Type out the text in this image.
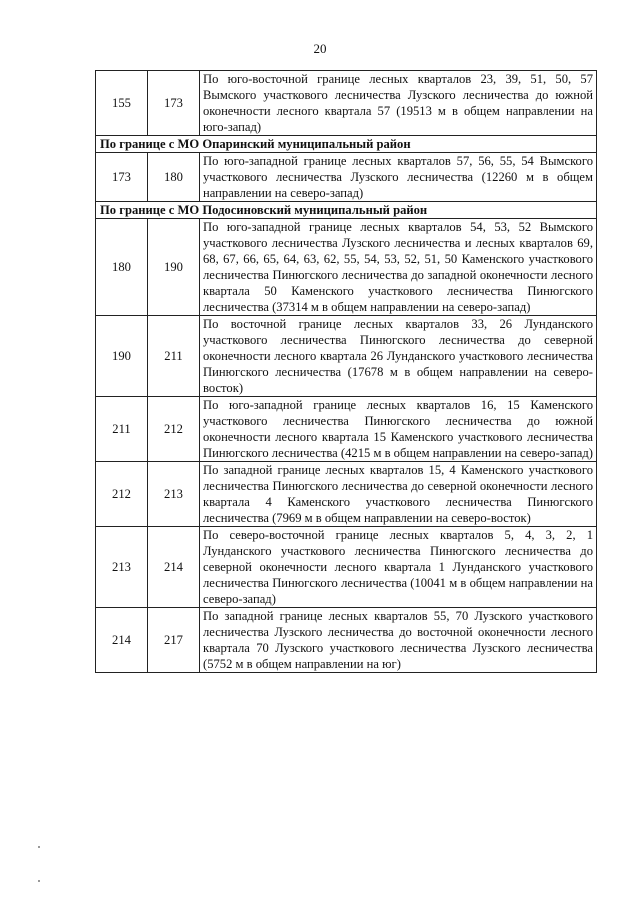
20
155	173	По юго-восточной границе лесных кварталов 23, 39, 51, 50, 57 Вымского участкового лесничества Лузского лесничества до южной оконечности лесного квартала 57 (19513 м в общем направлении на юго-запад)
По границе с МО Опаринский муниципальный район		
173	180	По юго-западной границе лесных кварталов 57, 56, 55, 54 Вымского участкового лесничества Лузского лесничества (12260 м в общем направлении на северо-запад)
По границе с МО Подосиновский муниципальный район		
180	190	По юго-западной границе лесных кварталов 54, 53, 52 Вымского участкового лесничества Лузского лесничества и лесных кварталов 69, 68, 67, 66, 65, 64, 63, 62, 55, 54, 53, 52, 51, 50 Каменского участкового лесничества Пинюгского лесничества до западной оконечности лесного квартала 50 Каменского участкового лесничества Пинюгского лесничества (37314 м в общем направлении на северо-запад)
190	211	По восточной границе лесных кварталов 33, 26 Лунданского участкового лесничества Пинюгского лесничества до северной оконечности лесного квартала 26 Лунданского участкового лесничества Пинюгского лесничества (17678 м в общем направлении на северо-восток)
211	212	По юго-западной границе лесных кварталов 16, 15 Каменского участкового лесничества Пинюгского лесничества до южной оконечности лесного квартала 15 Каменского участкового лесничества Пинюгского лесничества (4215 м в общем направлении на северо-запад)
212	213	По западной границе лесных кварталов 15, 4 Каменского участкового лесничества Пинюгского лесничества до северной оконечности лесного квартала 4 Каменского участкового лесничества Пинюгского лесничества (7969 м в общем направлении на северо-восток)
213	214	По северо-восточной границе лесных кварталов 5, 4, 3, 2, 1 Лунданского участкового лесничества Пинюгского лесничества до северной оконечности лесного квартала 1 Лунданского участкового лесничества Пинюгского лесничества (10041 м в общем направлении на северо-запад)
214	217	По западной границе лесных кварталов 55, 70 Лузского участкового лесничества Лузского лесничества до восточной оконечности лесного квартала 70 Лузского участкового лесничества Лузского лесничества (5752 м в общем направлении на юг)
